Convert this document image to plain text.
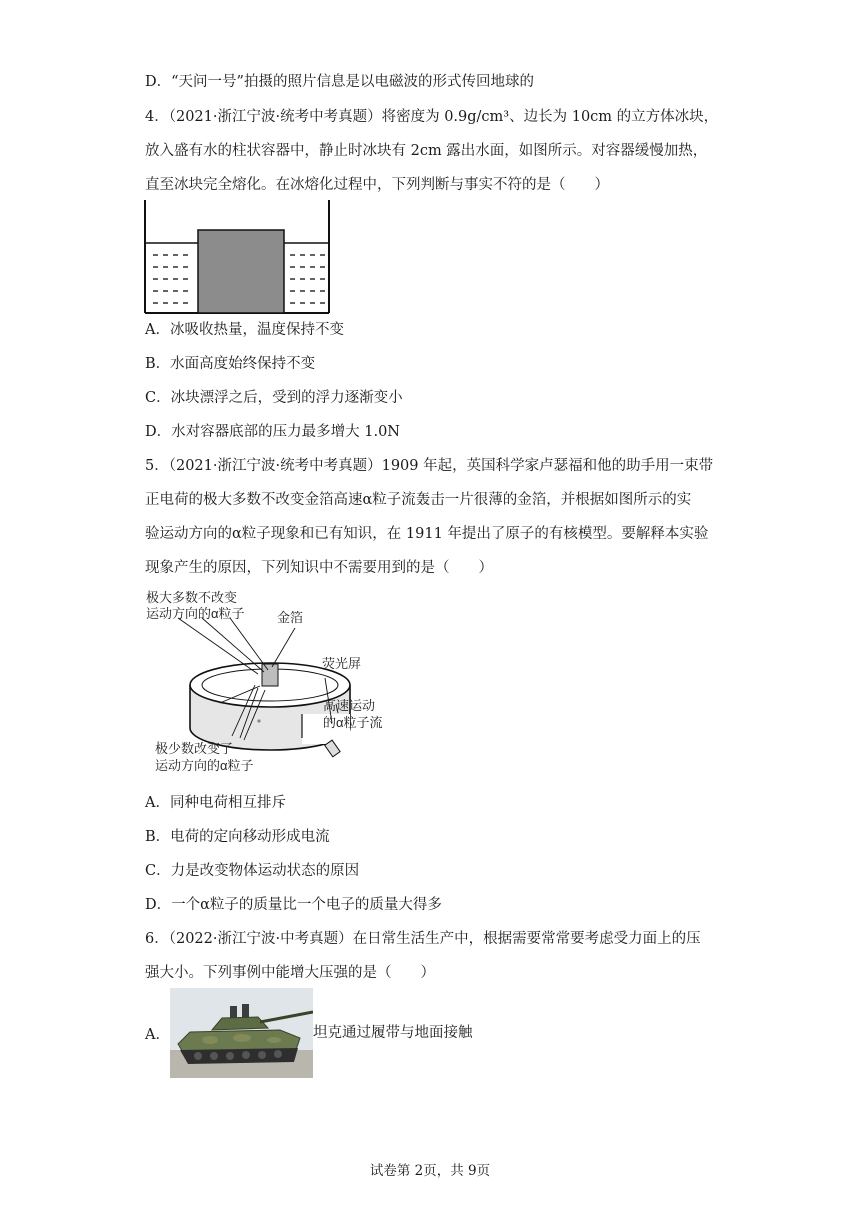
D．“天问一号”拍摄的照片信息是以电磁波的形式传回地球的
4．（2021·浙江宁波·统考中考真题）将密度为 0.9g/cm³、边长为 10cm 的立方体冰块，
放入盛有水的柱状容器中，静止时冰块有 2cm 露出水面，如图所示。对容器缓慢加热，
直至冰块完全熔化。在冰熔化过程中，下列判断与事实不符的是（　　）
A．冰吸收热量，温度保持不变
B．水面高度始终保持不变
C．冰块漂浮之后，受到的浮力逐渐变小
D．水对容器底部的压力最多增大 1.0N
5．（2021·浙江宁波·统考中考真题）1909 年起，英国科学家卢瑟福和他的助手用一束带
正电荷的极大多数不改变金箔高速α粒子流轰击一片很薄的金箔，并根据如图所示的实
验运动方向的α粒子现象和已有知识，在 1911 年提出了原子的有核模型。要解释本实验
现象产生的原因，下列知识中不需要用到的是（　　）
极大多数不改变
运动方向的α粒子 金箔
荧光屏
高速运动
的α粒子流
极少数改变了
运动方向的α粒子
A．同种电荷相互排斥
B．电荷的定向移动形成电流
C．力是改变物体运动状态的原因
D．一个α粒子的质量比一个电子的质量大得多
6．（2022·浙江宁波·中考真题）在日常生活生产中，根据需要常常要考虑受力面上的压
强大小。下列事例中能增大压强的是（　　）
A．	坦克通过履带与地面接触
试卷第 2页，共 9页
